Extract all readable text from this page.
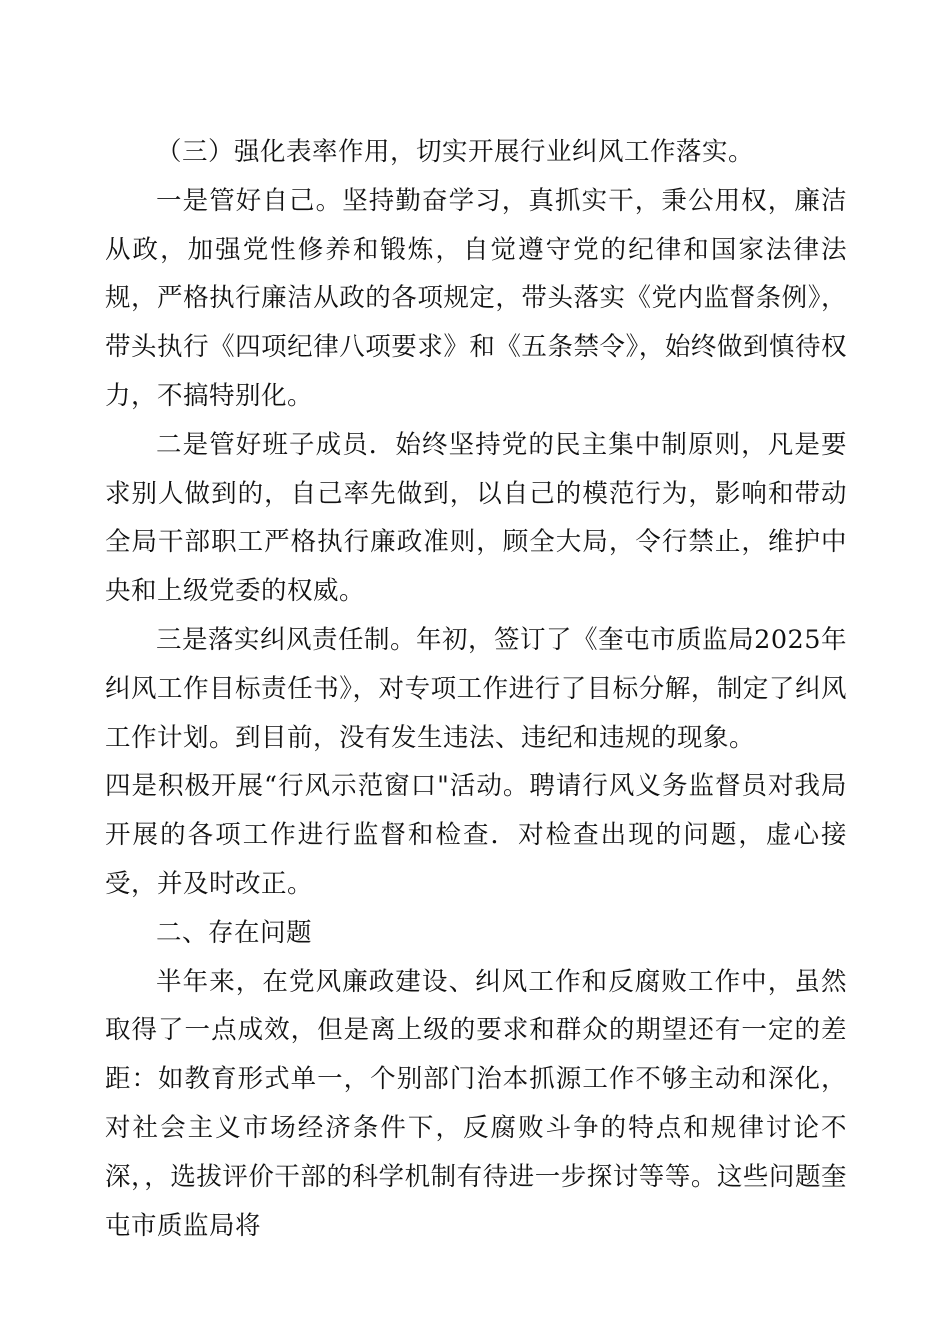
（三）强化表率作用，切实开展行业纠风工作落实。

一是管好自己。坚持勤奋学习，真抓实干，秉公用权，廉洁从政，加强党性修养和锻炼，自觉遵守党的纪律和国家法律法规，严格执行廉洁从政的各项规定，带头落实《党内监督条例》，带头执行《四项纪律八项要求》和《五条禁令》，始终做到慎待权力，不搞特别化。

二是管好班子成员．始终坚持党的民主集中制原则，凡是要求别人做到的，自己率先做到，以自己的模范行为，影响和带动全局干部职工严格执行廉政准则，顾全大局，令行禁止，维护中央和上级党委的权威。

三是落实纠风责任制。年初，签订了《奎屯市质监局2025年纠风工作目标责任书》，对专项工作进行了目标分解，制定了纠风工作计划。到目前，没有发生违法、违纪和违规的现象。

四是积极开展“行风示范窗口"活动。聘请行风义务监督员对我局开展的各项工作进行监督和检查．对检查出现的问题，虚心接受，并及时改正。

二、存在问题

半年来，在党风廉政建设、纠风工作和反腐败工作中，虽然取得了一点成效，但是离上级的要求和群众的期望还有一定的差距：如教育形式单一，个别部门治本抓源工作不够主动和深化，对社会主义市场经济条件下，反腐败斗争的特点和规律讨论不深，，选拔评价干部的科学机制有待进一步探讨等等。这些问题奎屯市质监局将
